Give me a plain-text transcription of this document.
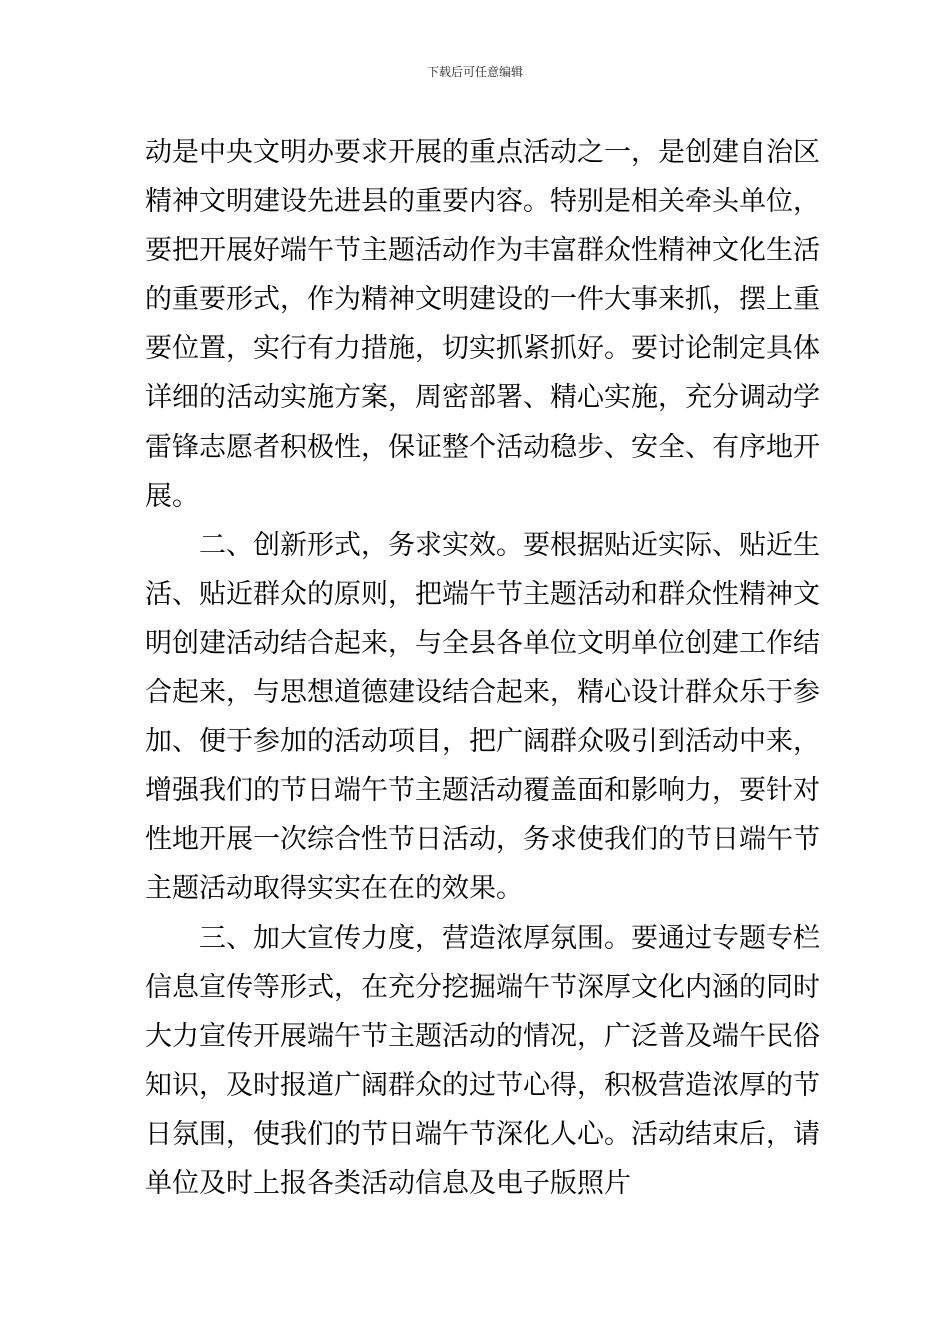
下载后可任意编辑
动是中央文明办要求开展的重点活动之一，是创建自治区
精神文明建设先进县的重要内容。特别是相关牵头单位，
要把开展好端午节主题活动作为丰富群众性精神文化生活
的重要形式，作为精神文明建设的一件大事来抓，摆上重
要位置，实行有力措施，切实抓紧抓好。要讨论制定具体
详细的活动实施方案，周密部署、精心实施，充分调动学
雷锋志愿者积极性，保证整个活动稳步、安全、有序地开
展。
二、创新形式，务求实效。要根据贴近实际、贴近生
活、贴近群众的原则，把端午节主题活动和群众性精神文
明创建活动结合起来，与全县各单位文明单位创建工作结
合起来，与思想道德建设结合起来，精心设计群众乐于参
加、便于参加的活动项目，把广阔群众吸引到活动中来，
增强我们的节日端午节主题活动覆盖面和影响力，要针对
性地开展一次综合性节日活动，务求使我们的节日端午节
主题活动取得实实在在的效果。
三、加大宣传力度，营造浓厚氛围。要通过专题专栏
信息宣传等形式，在充分挖掘端午节深厚文化内涵的同时
大力宣传开展端午节主题活动的情况，广泛普及端午民俗
知识，及时报道广阔群众的过节心得，积极营造浓厚的节
日氛围，使我们的节日端午节深化人心。活动结束后，请
单位及时上报各类活动信息及电子版照片
